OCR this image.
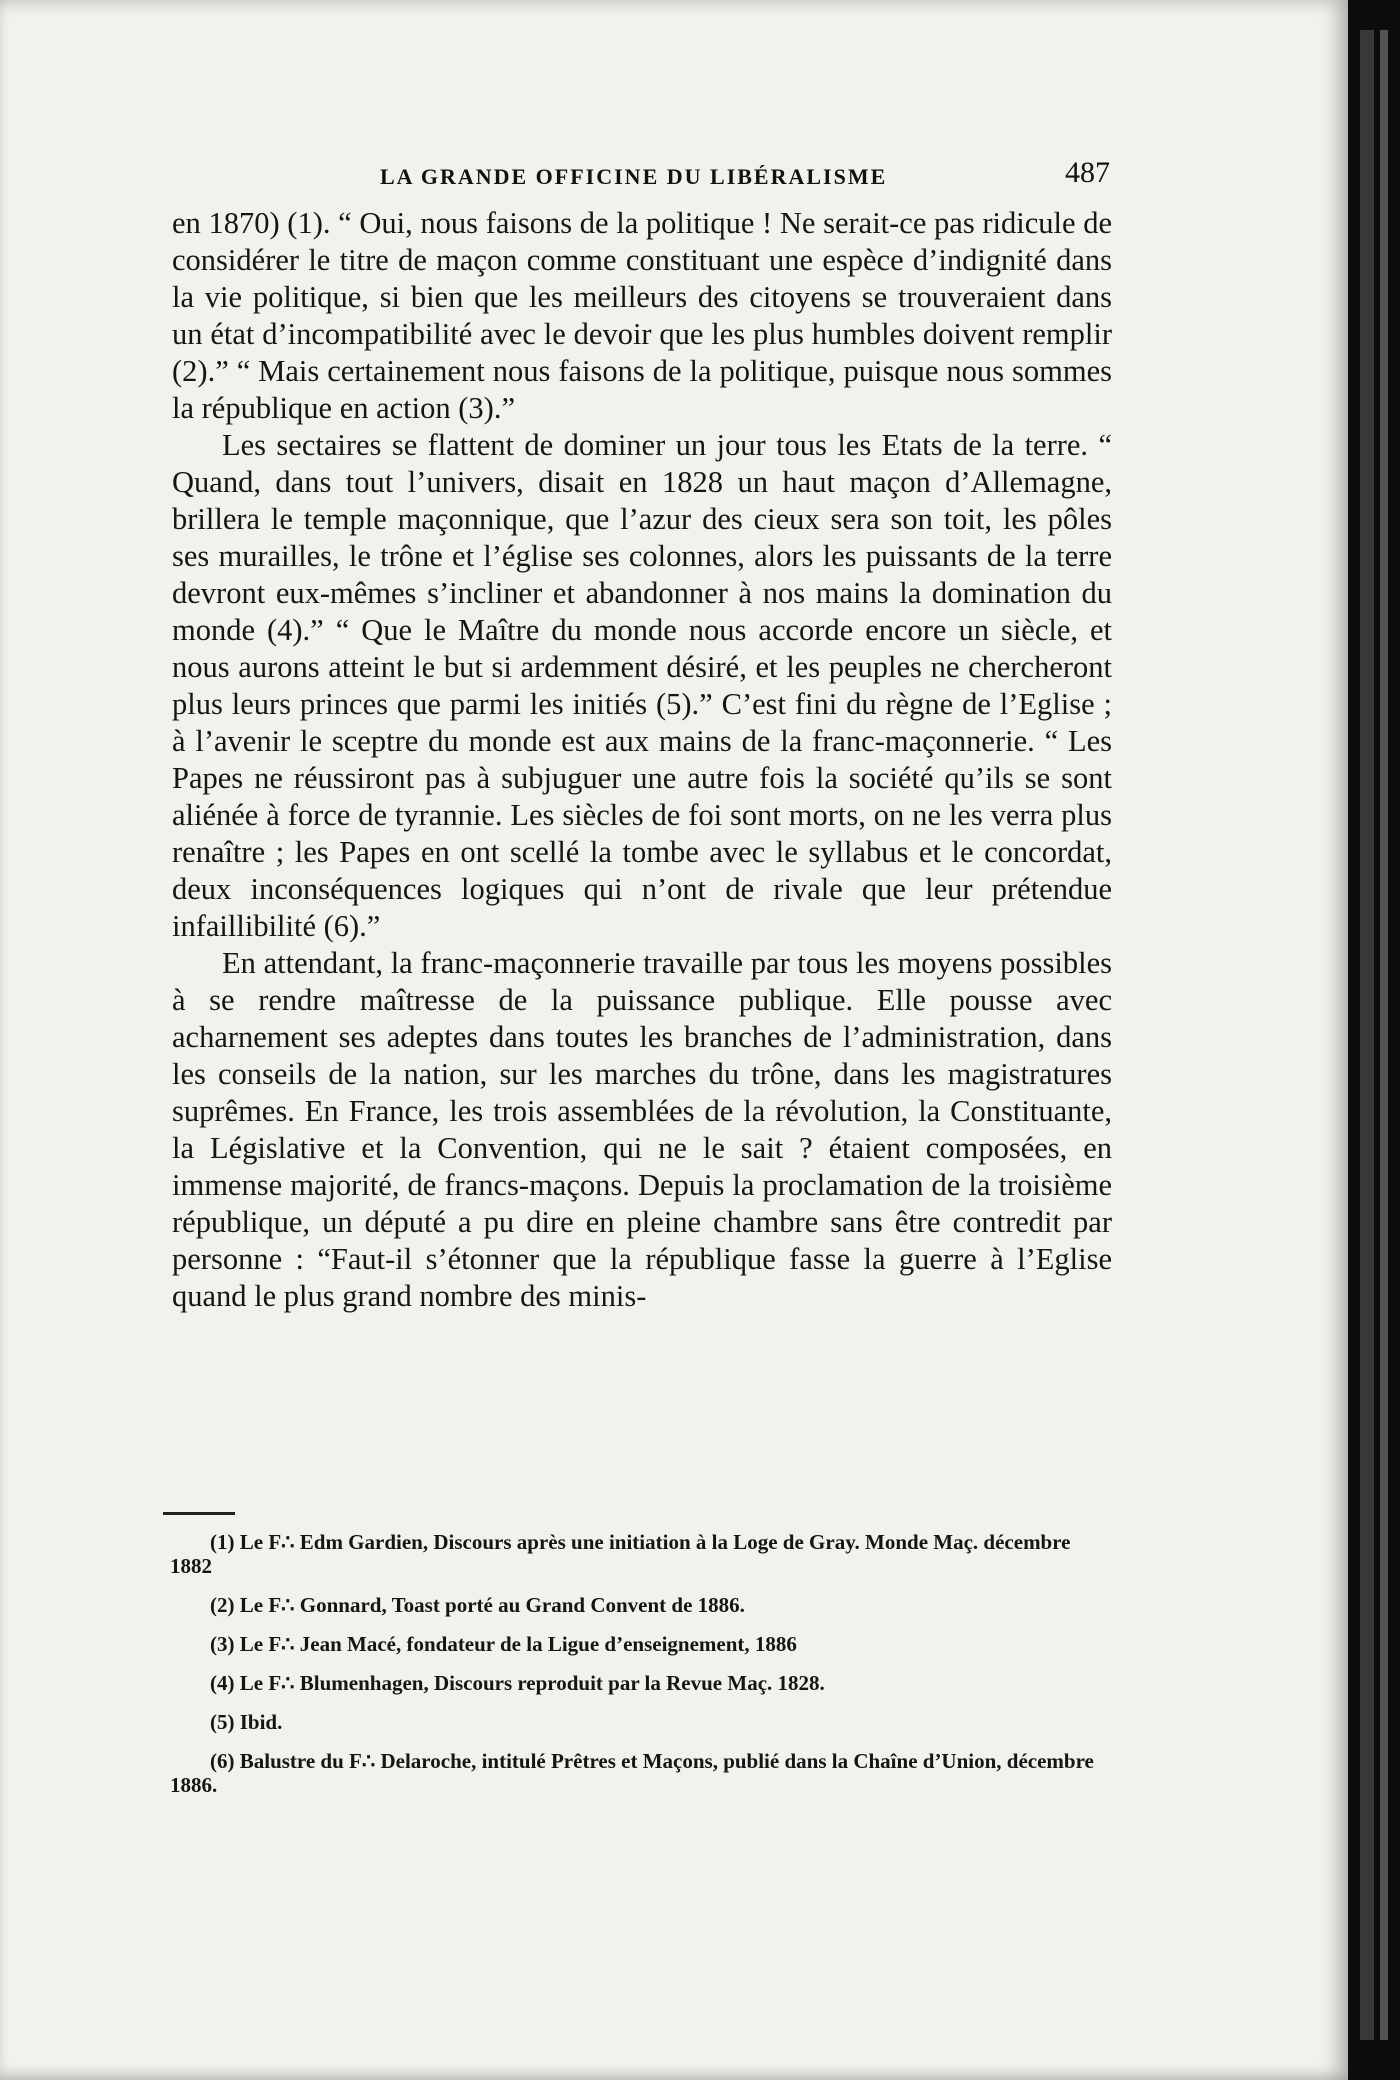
LA GRANDE OFFICINE DU LIBÉRALISME	487

en 1870) (1). “ Oui, nous faisons de la politique ! Ne serait-ce pas ridicule de considérer le titre de maçon comme constituant une espèce d’indignité dans la vie politique, si bien que les meilleurs des citoyens se trouveraient dans un état d’incompatibilité avec le devoir que les plus humbles doivent remplir (2).” “ Mais certainement nous faisons de la politique, puisque nous sommes la république en action (3).”

Les sectaires se flattent de dominer un jour tous les Etats de la terre. “ Quand, dans tout l’univers, disait en 1828 un haut maçon d’Allemagne, brillera le temple maçonnique, que l’azur des cieux sera son toit, les pôles ses murailles, le trône et l’église ses colonnes, alors les puissants de la terre devront eux-mêmes s’incliner et abandonner à nos mains la domination du monde (4).” “ Que le Maître du monde nous accorde encore un siècle, et nous aurons atteint le but si ardemment désiré, et les peuples ne chercheront plus leurs princes que parmi les initiés (5).” C’est fini du règne de l’Eglise ; à l’avenir le sceptre du monde est aux mains de la franc-maçonnerie. “ Les Papes ne réussiront pas à subjuguer une autre fois la société qu’ils se sont aliénée à force de tyrannie. Les siècles de foi sont morts, on ne les verra plus renaître ; les Papes en ont scellé la tombe avec le syllabus et le concordat, deux inconséquences logiques qui n’ont de rivale que leur prétendue infaillibilité (6).”

En attendant, la franc-maçonnerie travaille par tous les moyens possibles à se rendre maîtresse de la puissance publique. Elle pousse avec acharnement ses adeptes dans toutes les branches de l’administration, dans les conseils de la nation, sur les marches du trône, dans les magistratures suprêmes. En France, les trois assemblées de la révolution, la Constituante, la Législative et la Convention, qui ne le sait ? étaient composées, en immense majorité, de francs-maçons. Depuis la proclamation de la troisième république, un député a pu dire en pleine chambre sans être contredit par personne : “Faut-il s’étonner que la république fasse la guerre à l’Eglise quand le plus grand nombre des minis-

(1) Le F∴ Edm Gardien, Discours après une initiation à la Loge de Gray. Monde Maç. décembre 1882

(2) Le F∴ Gonnard, Toast porté au Grand Convent de 1886.

(3) Le F∴ Jean Macé, fondateur de la Ligue d’enseignement, 1886

(4) Le F∴ Blumenhagen, Discours reproduit par la Revue Maç. 1828.

(5) Ibid.

(6) Balustre du F∴ Delaroche, intitulé Prêtres et Maçons, publié dans la Chaîne d’Union, décembre 1886.
